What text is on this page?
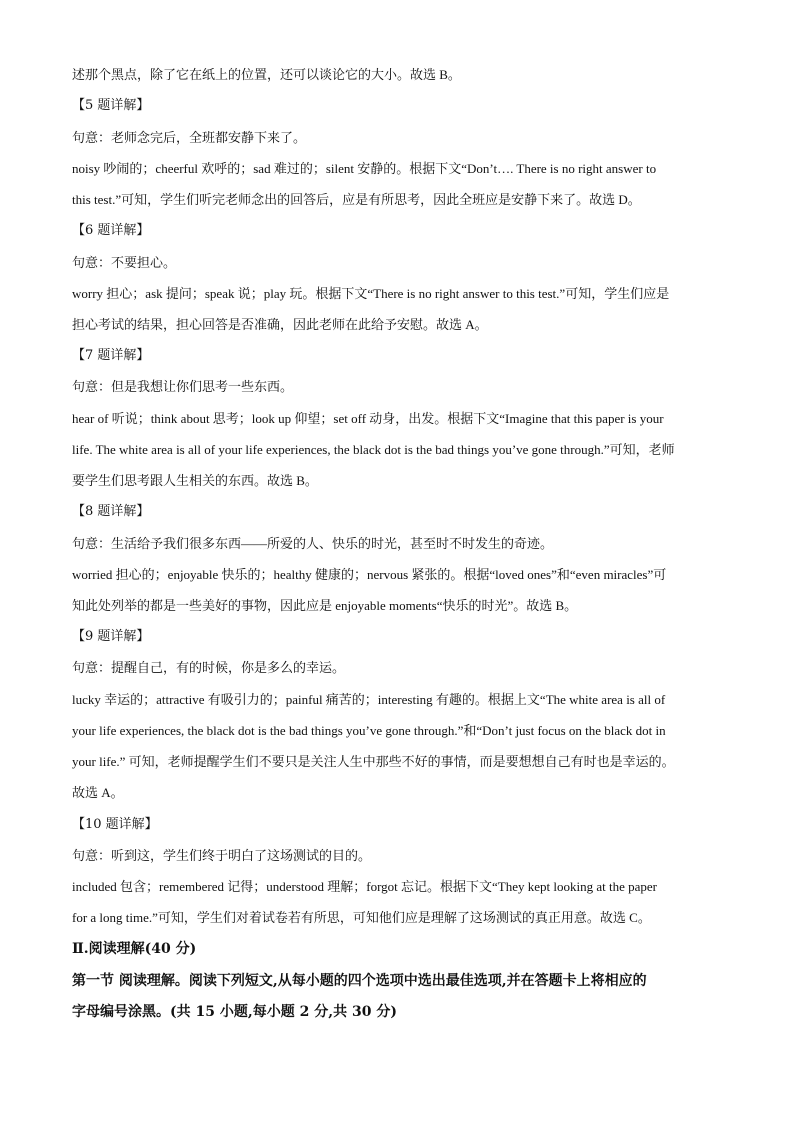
述那个黑点，除了它在纸上的位置，还可以谈论它的大小。故选 B。
【5 题详解】
句意：老师念完后，全班都安静下来了。
noisy 吵闹的；cheerful 欢呼的；sad 难过的；silent 安静的。根据下文“Don’t…. There is no right answer to
this test.”可知，学生们听完老师念出的回答后，应是有所思考，因此全班应是安静下来了。故选 D。
【6 题详解】
句意：不要担心。
worry 担心；ask 提问；speak 说；play 玩。根据下文“There is no right answer to this test.”可知，学生们应是
担心考试的结果，担心回答是否准确，因此老师在此给予安慰。故选 A。
【7 题详解】
句意：但是我想让你们思考一些东西。
hear of 听说；think about 思考；look up 仰望；set off 动身，出发。根据下文“Imagine that this paper is your
life. The white area is all of your life experiences, the black dot is the bad things you’ve gone through.”可知，老师
要学生们思考跟人生相关的东西。故选 B。
【8 题详解】
句意：生活给予我们很多东西——所爱的人、快乐的时光，甚至时不时发生的奇迹。
worried 担心的；enjoyable 快乐的；healthy 健康的；nervous 紧张的。根据“loved ones”和“even miracles”可
知此处列举的都是一些美好的事物，因此应是 enjoyable moments“快乐的时光”。故选 B。
【9 题详解】
句意：提醒自己，有的时候，你是多么的幸运。
lucky 幸运的；attractive 有吸引力的；painful 痛苦的；interesting 有趣的。根据上文“The white area is all of
your life experiences, the black dot is the bad things you’ve gone through.”和“Don’t just focus on the black dot in
your life.” 可知，老师提醒学生们不要只是关注人生中那些不好的事情，而是要想想自己有时也是幸运的。
故选 A。
【10 题详解】
句意：听到这，学生们终于明白了这场测试的目的。
included 包含；remembered 记得；understood 理解；forgot 忘记。根据下文“They kept looking at the paper
for a long time.”可知，学生们对着试卷若有所思，可知他们应是理解了这场测试的真正用意。故选 C。
Ⅱ.阅读理解(40 分)
第一节 阅读理解。阅读下列短文,从每小题的四个选项中选出最佳选项,并在答题卡上将相应的
字母编号涂黑。(共 15 小题,每小题 2 分,共 30 分)
